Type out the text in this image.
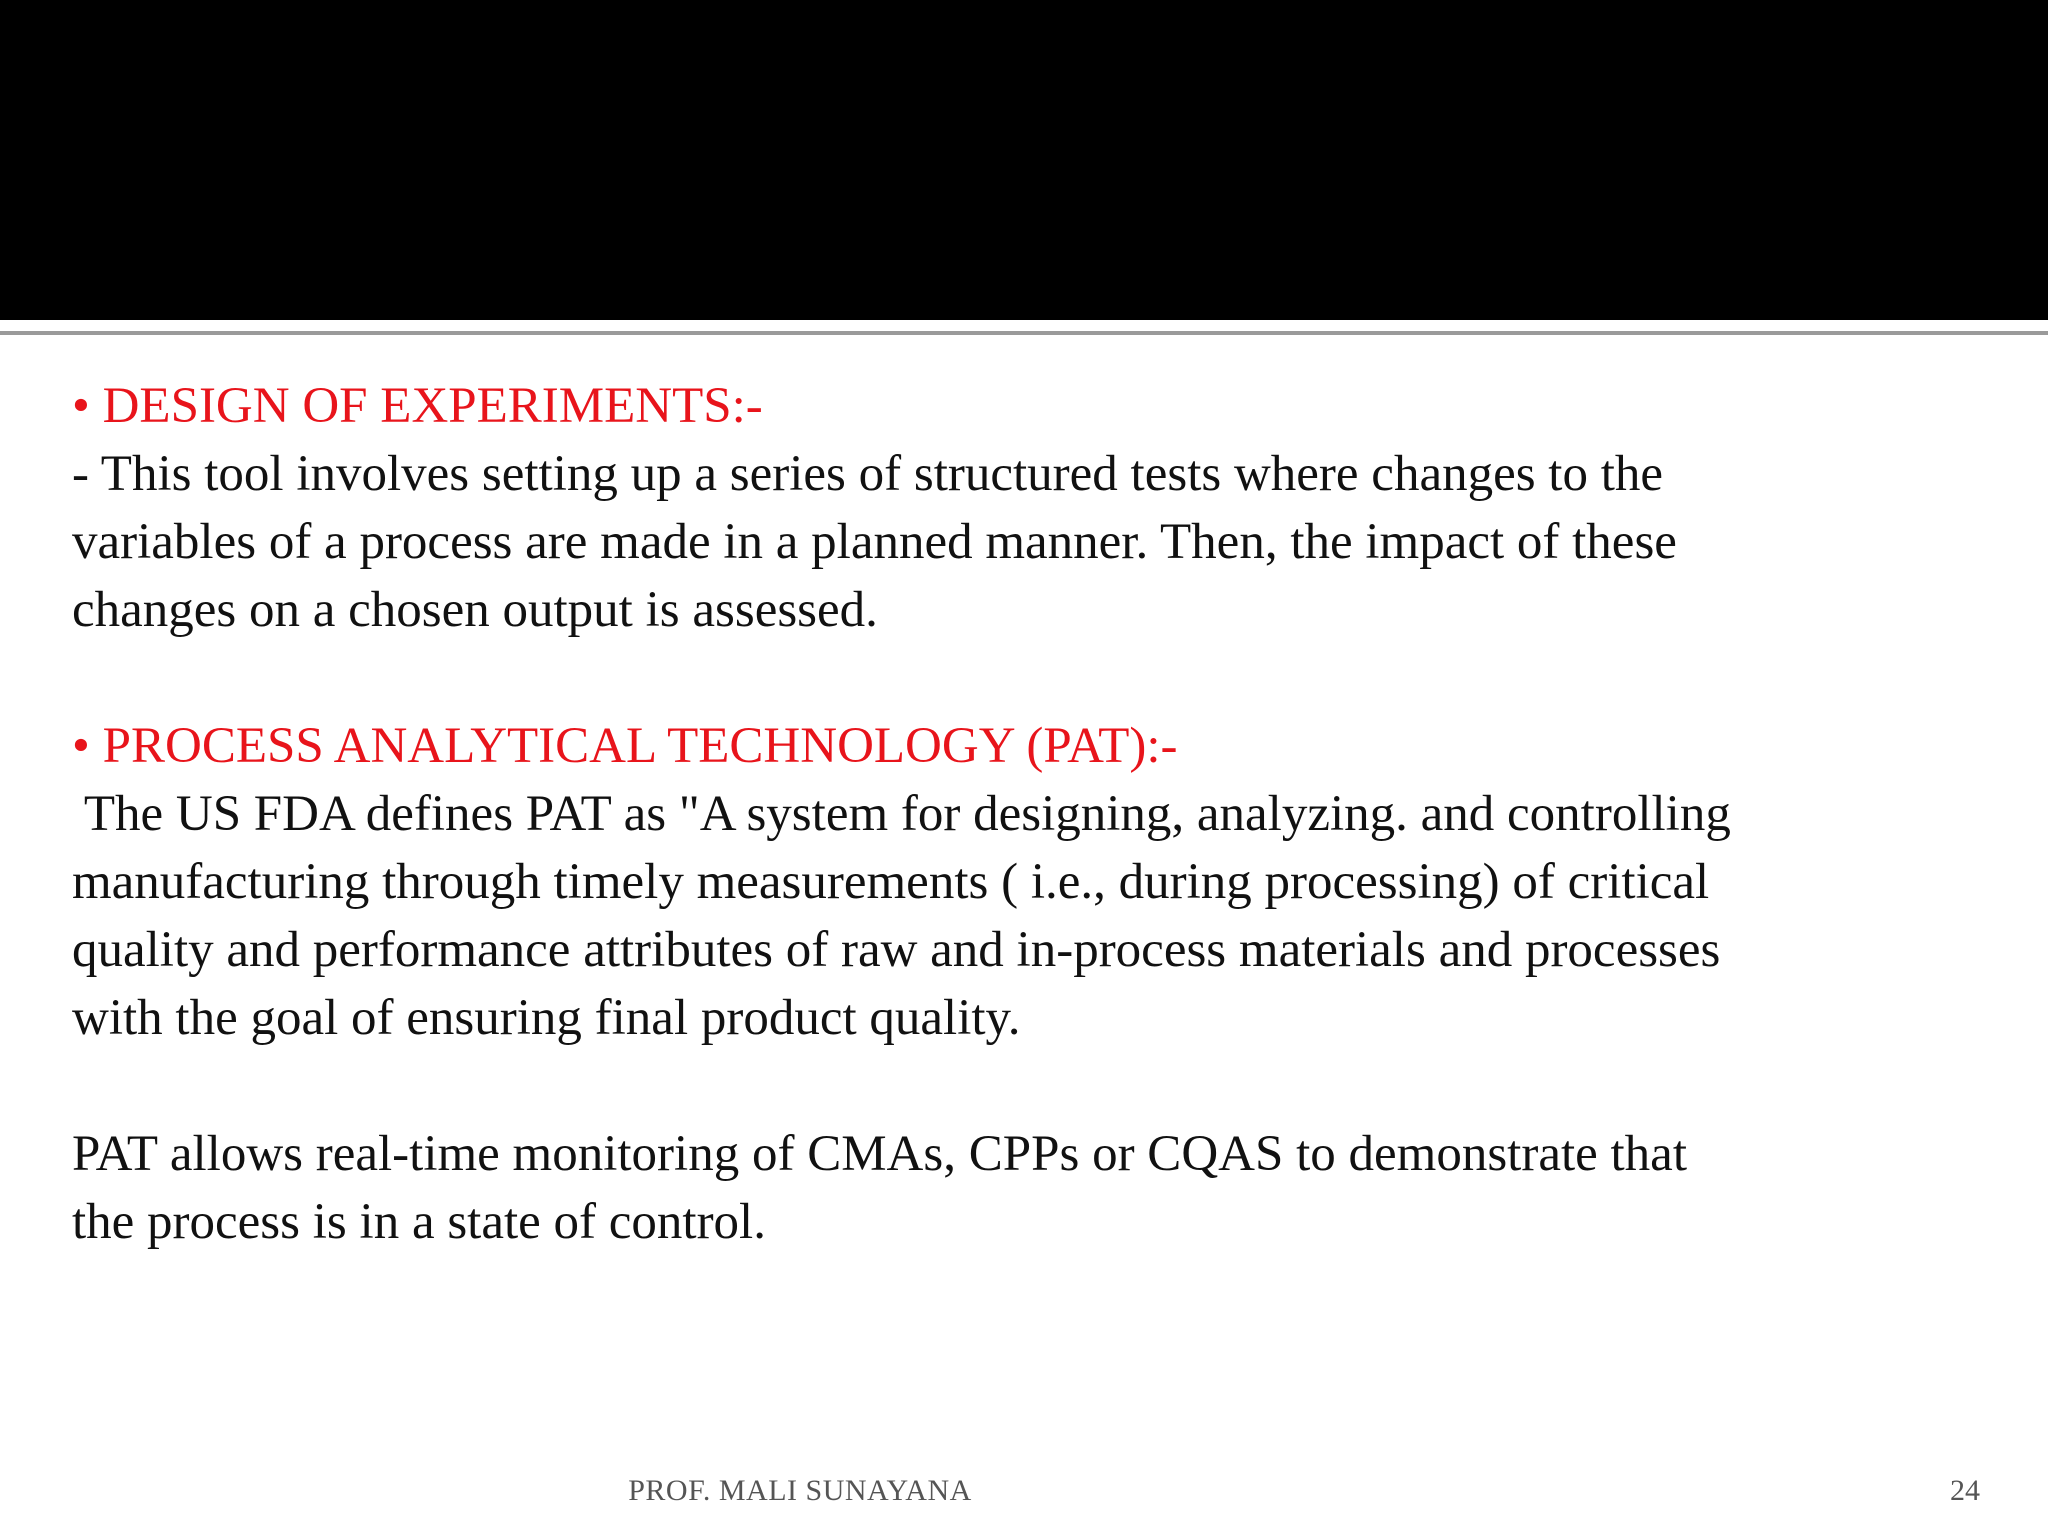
• DESIGN OF EXPERIMENTS:-

- This tool involves setting up a series of structured tests where changes to the

variables of a process are made in a planned manner. Then, the impact of these

changes on a chosen output is assessed.

• PROCESS ANALYTICAL TECHNOLOGY (PAT):-

The US FDA defines PAT as "A system for designing, analyzing. and controlling

manufacturing through timely measurements ( i.e., during processing) of critical

quality and performance attributes of raw and in-process materials and processes

with the goal of ensuring final product quality.

PAT allows real-time monitoring of CMAs, CPPs or CQAS to demonstrate that

the process is in a state of control.

PROF. MALI SUNAYANA	24
